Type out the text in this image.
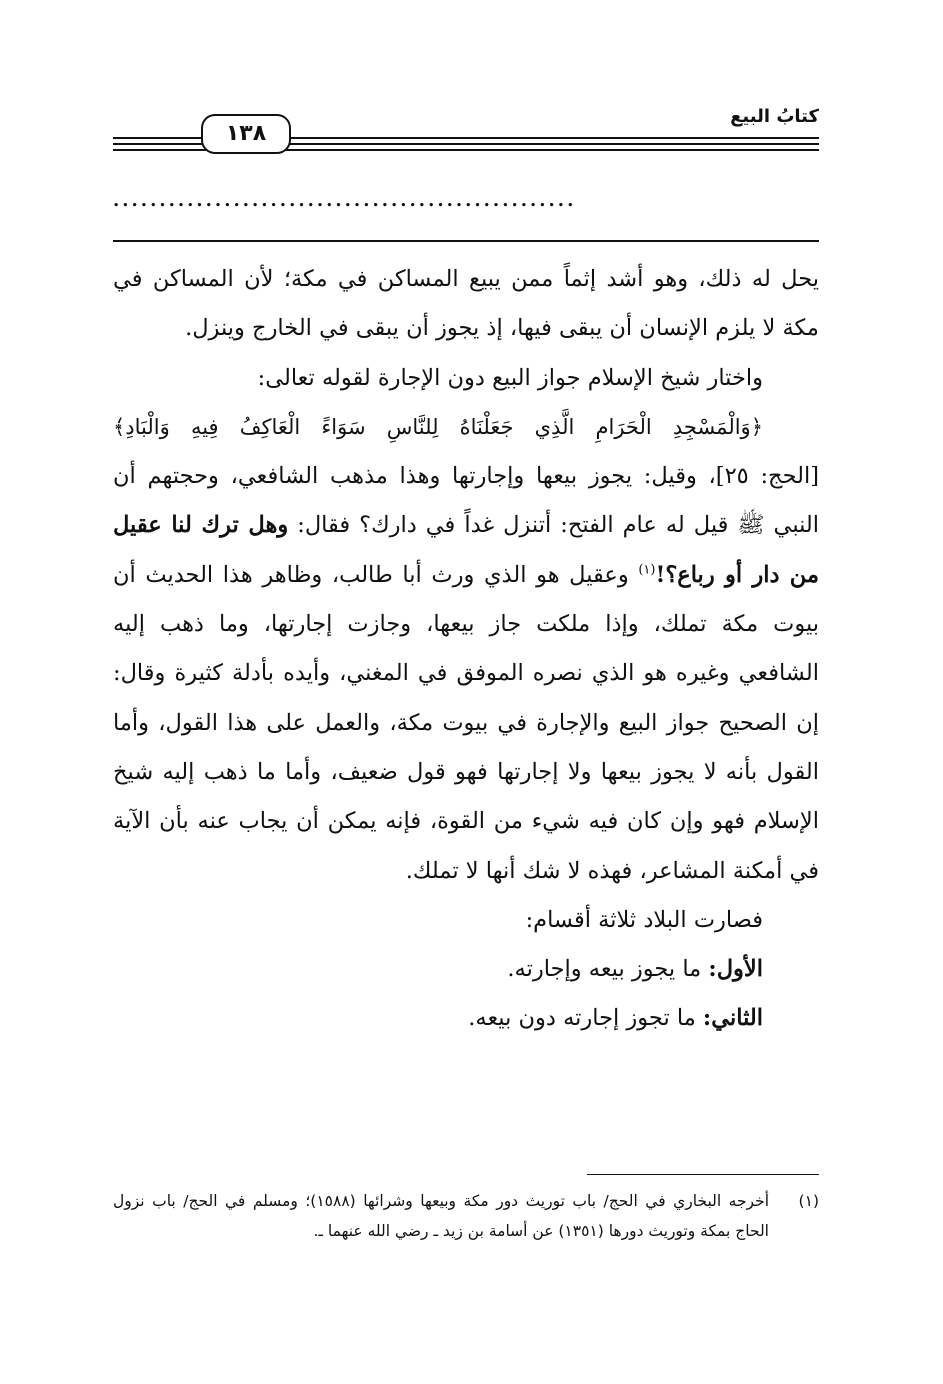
كتابُ البيع
١٣٨
..................................................

يحل له ذلك، وهو أشد إثماً ممن يبيع المساكن في مكة؛ لأن المساكن في مكة لا يلزم الإنسان أن يبقى فيها، إذ يجوز أن يبقى في الخارج وينزل.

واختار شيخ الإسلام جواز البيع دون الإجارة لقوله تعالى:
﴿وَالْمَسْجِدِ الْحَرَامِ الَّذِي جَعَلْنَاهُ لِلنَّاسِ سَوَاءً الْعَاكِفُ فِيهِ وَالْبَادِ﴾
[الحج: ٢٥]، وقيل: يجوز بيعها وإجارتها وهذا مذهب الشافعي، وحجتهم أن النبي ﷺ قيل له عام الفتح: أتنزل غداً في دارك؟ فقال: وهل ترك لنا عقيل من دار أو رباع؟!$^{(١)}$ وعقيل هو الذي ورث أبا طالب، وظاهر هذا الحديث أن بيوت مكة تملك، وإذا ملكت جاز بيعها، وجازت إجارتها، وما ذهب إليه الشافعي وغيره هو الذي نصره الموفق في المغني، وأيده بأدلة كثيرة وقال: إن الصحيح جواز البيع والإجارة في بيوت مكة، والعمل على هذا القول، وأما القول بأنه لا يجوز بيعها ولا إجارتها فهو قول ضعيف، وأما ما ذهب إليه شيخ الإسلام فهو وإن كان فيه شيء من القوة، فإنه يمكن أن يجاب عنه بأن الآية في أمكنة المشاعر، فهذه لا شك أنها لا تملك.

فصارت البلاد ثلاثة أقسام:

الأول: ما يجوز بيعه وإجارته.

الثاني: ما تجوز إجارته دون بيعه.

(١)
أخرجه البخاري في الحج/ باب توريث دور مكة وبيعها وشرائها (١٥٨٨)؛ ومسلم في الحج/ باب نزول الحاج بمكة وتوريث دورها (١٣٥١) عن أسامة بن زيد ـ رضي الله عنهما ـ.
